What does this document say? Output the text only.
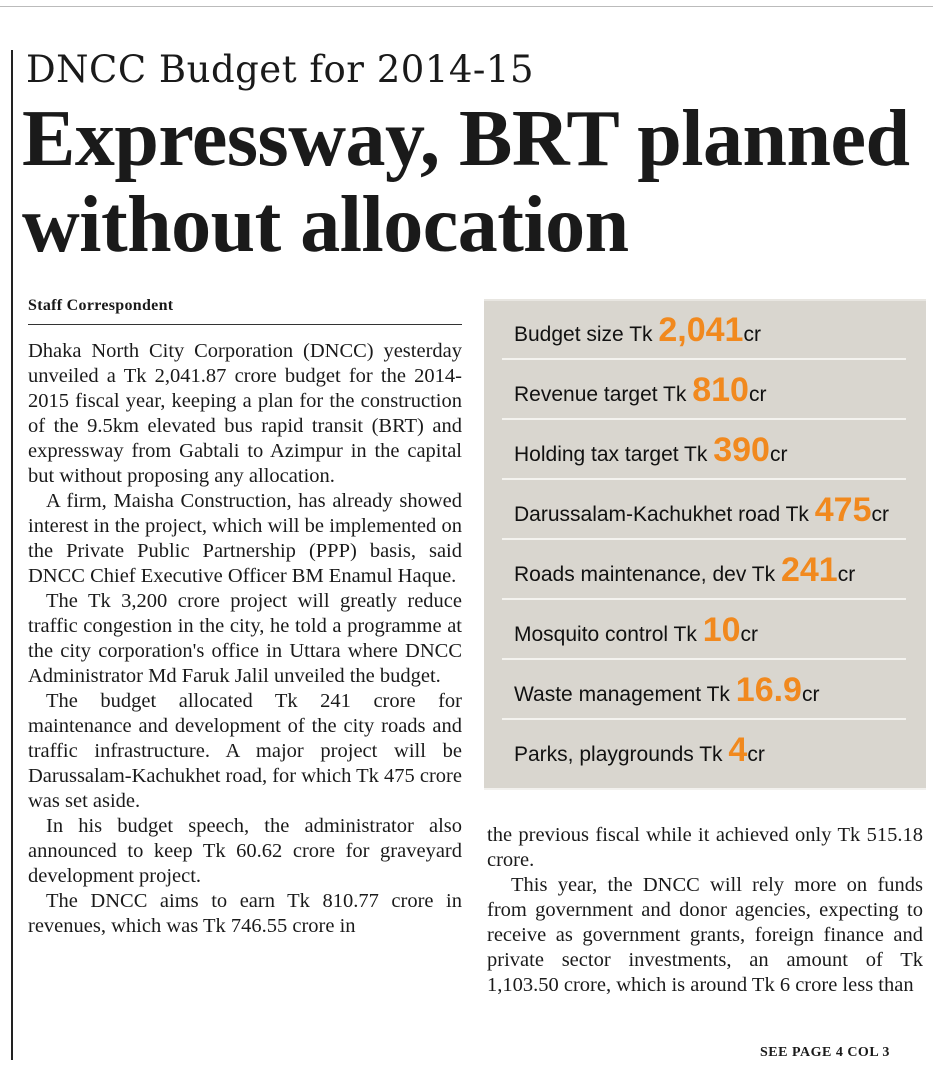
DNCC Budget for 2014-15
Expressway, BRT planned without allocation
Staff Correspondent

Dhaka North City Corporation (DNCC) yesterday unveiled a Tk 2,041.87 crore budget for the 2014-2015 fiscal year, keeping a plan for the construction of the 9.5km elevated bus rapid transit (BRT) and expressway from Gabtali to Azimpur in the capital but without proposing any allocation.

A firm, Maisha Construction, has already showed interest in the project, which will be implemented on the Private Public Partnership (PPP) basis, said DNCC Chief Executive Officer BM Enamul Haque.

The Tk 3,200 crore project will greatly reduce traffic congestion in the city, he told a programme at the city corporation's office in Uttara where DNCC Administrator Md Faruk Jalil unveiled the budget.

The budget allocated Tk 241 crore for maintenance and development of the city roads and traffic infrastructure. A major project will be Darussalam-Kachukhet road, for which Tk 475 crore was set aside.

In his budget speech, the administrator also announced to keep Tk 60.62 crore for graveyard development project.

The DNCC aims to earn Tk 810.77 crore in revenues, which was Tk 746.55 crore in

Budget size Tk 2,041cr
Revenue target Tk 810cr
Holding tax target Tk 390cr
Darussalam-Kachukhet road Tk 475cr
Roads maintenance, dev Tk 241cr
Mosquito control Tk 10cr
Waste management Tk 16.9cr
Parks, playgrounds Tk 4cr

the previous fiscal while it achieved only Tk 515.18 crore.

This year, the DNCC will rely more on funds from government and donor agencies, expecting to receive as government grants, foreign finance and private sector investments, an amount of Tk 1,103.50 crore, which is around Tk 6 crore less than

SEE PAGE 4 COL 3
